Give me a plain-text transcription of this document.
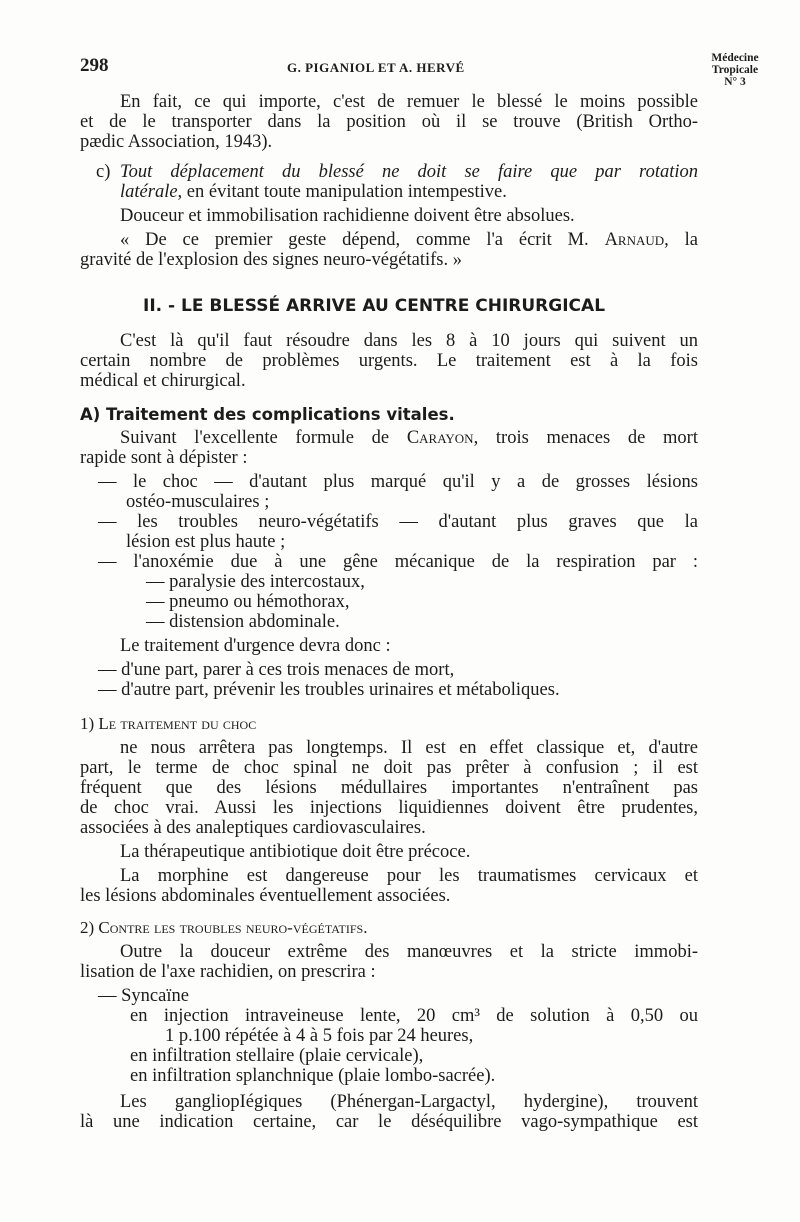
298	G. PIGANIOL ET A. HERVÉ
Médecine
Tropicale
N° 3
En fait, ce qui importe, c'est de remuer le blessé le moins possible
et de le transporter dans la position où il se trouve (British Ortho-
pædic Association, 1943).
c) Tout déplacement du blessé ne doit se faire que par rotation
latérale, en évitant toute manipulation intempestive.
Douceur et immobilisation rachidienne doivent être absolues.
« De ce premier geste dépend, comme l'a écrit M. Arnaud, la
gravité de l'explosion des signes neuro-végétatifs. »
II. - LE BLESSÉ ARRIVE AU CENTRE CHIRURGICAL
C'est là qu'il faut résoudre dans les 8 à 10 jours qui suivent un
certain nombre de problèmes urgents. Le traitement est à la fois
médical et chirurgical.
A) Traitement des complications vitales.
Suivant l'excellente formule de Carayon, trois menaces de mort
rapide sont à dépister :
— le choc — d'autant plus marqué qu'il y a de grosses lésions
ostéo-musculaires ;
— les troubles neuro-végétatifs — d'autant plus graves que la
lésion est plus haute ;
— l'anoxémie due à une gêne mécanique de la respiration par :
— paralysie des intercostaux,
— pneumo ou hémothorax,
— distension abdominale.
Le traitement d'urgence devra donc :
— d'une part, parer à ces trois menaces de mort,
— d'autre part, prévenir les troubles urinaires et métaboliques.
1) Le traitement du choc
ne nous arrêtera pas longtemps. Il est en effet classique et, d'autre
part, le terme de choc spinal ne doit pas prêter à confusion ; il est
fréquent que des lésions médullaires importantes n'entraînent pas
de choc vrai. Aussi les injections liquidiennes doivent être prudentes,
associées à des analeptiques cardiovasculaires.
La thérapeutique antibiotique doit être précoce.
La morphine est dangereuse pour les traumatismes cervicaux et
les lésions abdominales éventuellement associées.
2) Contre les troubles neuro-végétatifs.
Outre la douceur extrême des manœuvres et la stricte immobi-
lisation de l'axe rachidien, on prescrira :
— Syncaïne
en injection intraveineuse lente, 20 cm³ de solution à 0,50 ou
1 p.100 répétée à 4 à 5 fois par 24 heures,
en infiltration stellaire (plaie cervicale),
en infiltration splanchnique (plaie lombo-sacrée).
Les gangliopIégiques (Phénergan-Largactyl, hydergine), trouvent
là une indication certaine, car le déséquilibre vago-sympathique est
